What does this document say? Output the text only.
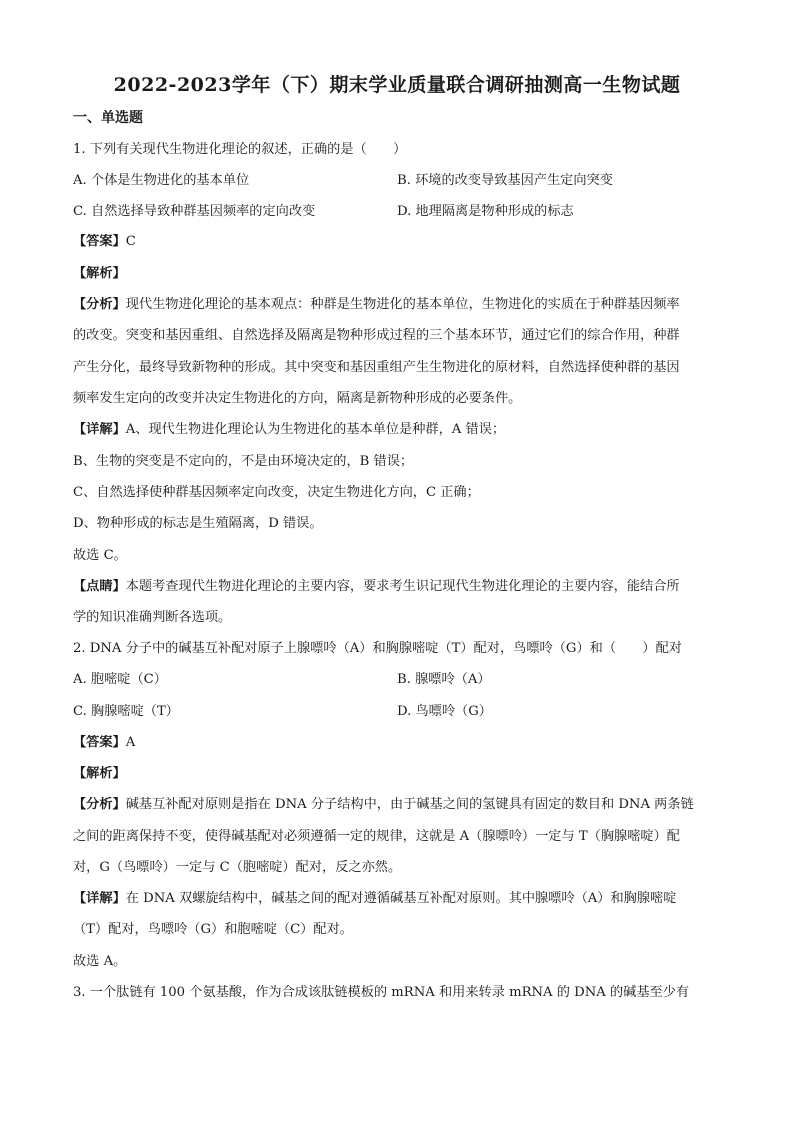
2022-2023学年（下）期末学业质量联合调研抽测高一生物试题
一、单选题
1. 下列有关现代生物进化理论的叙述，正确的是（　　）
A. 个体是生物进化的基本单位	B. 环境的改变导致基因产生定向突变
C. 自然选择导致种群基因频率的定向改变	D. 地理隔离是物种形成的标志
【答案】C
【解析】
【分析】现代生物进化理论的基本观点：种群是生物进化的基本单位，生物进化的实质在于种群基因频率
的改变。突变和基因重组、自然选择及隔离是物种形成过程的三个基本环节，通过它们的综合作用，种群
产生分化，最终导致新物种的形成。其中突变和基因重组产生生物进化的原材料，自然选择使种群的基因
频率发生定向的改变并决定生物进化的方向，隔离是新物种形成的必要条件。
【详解】A、现代生物进化理论认为生物进化的基本单位是种群，A 错误；
B、生物的突变是不定向的，不是由环境决定的，B 错误；
C、自然选择使种群基因频率定向改变，决定生物进化方向，C 正确；
D、物种形成的标志是生殖隔离，D 错误。
故选 C。
【点睛】本题考查现代生物进化理论的主要内容，要求考生识记现代生物进化理论的主要内容，能结合所
学的知识准确判断各选项。
2. DNA 分子中的碱基互补配对原子上腺嘌呤（A）和胸腺嘧啶（T）配对，鸟嘌呤（G）和（　　）配对
A. 胞嘧啶（C）	B. 腺嘌呤（A）
C. 胸腺嘧啶（T）	D. 鸟嘌呤（G）
【答案】A
【解析】
【分析】碱基互补配对原则是指在 DNA 分子结构中，由于碱基之间的氢键具有固定的数目和 DNA 两条链
之间的距离保持不变，使得碱基配对必须遵循一定的规律，这就是 A（腺嘌呤）一定与 T（胸腺嘧啶）配
对，G（鸟嘌呤）一定与 C（胞嘧啶）配对，反之亦然。
【详解】在 DNA 双螺旋结构中，碱基之间的配对遵循碱基互补配对原则。其中腺嘌呤（A）和胸腺嘧啶
（T）配对，鸟嘌呤（G）和胞嘧啶（C）配对。
故选 A。
3. 一个肽链有 100 个氨基酸，作为合成该肽链模板的 mRNA 和用来转录 mRNA 的 DNA 的碱基至少有
